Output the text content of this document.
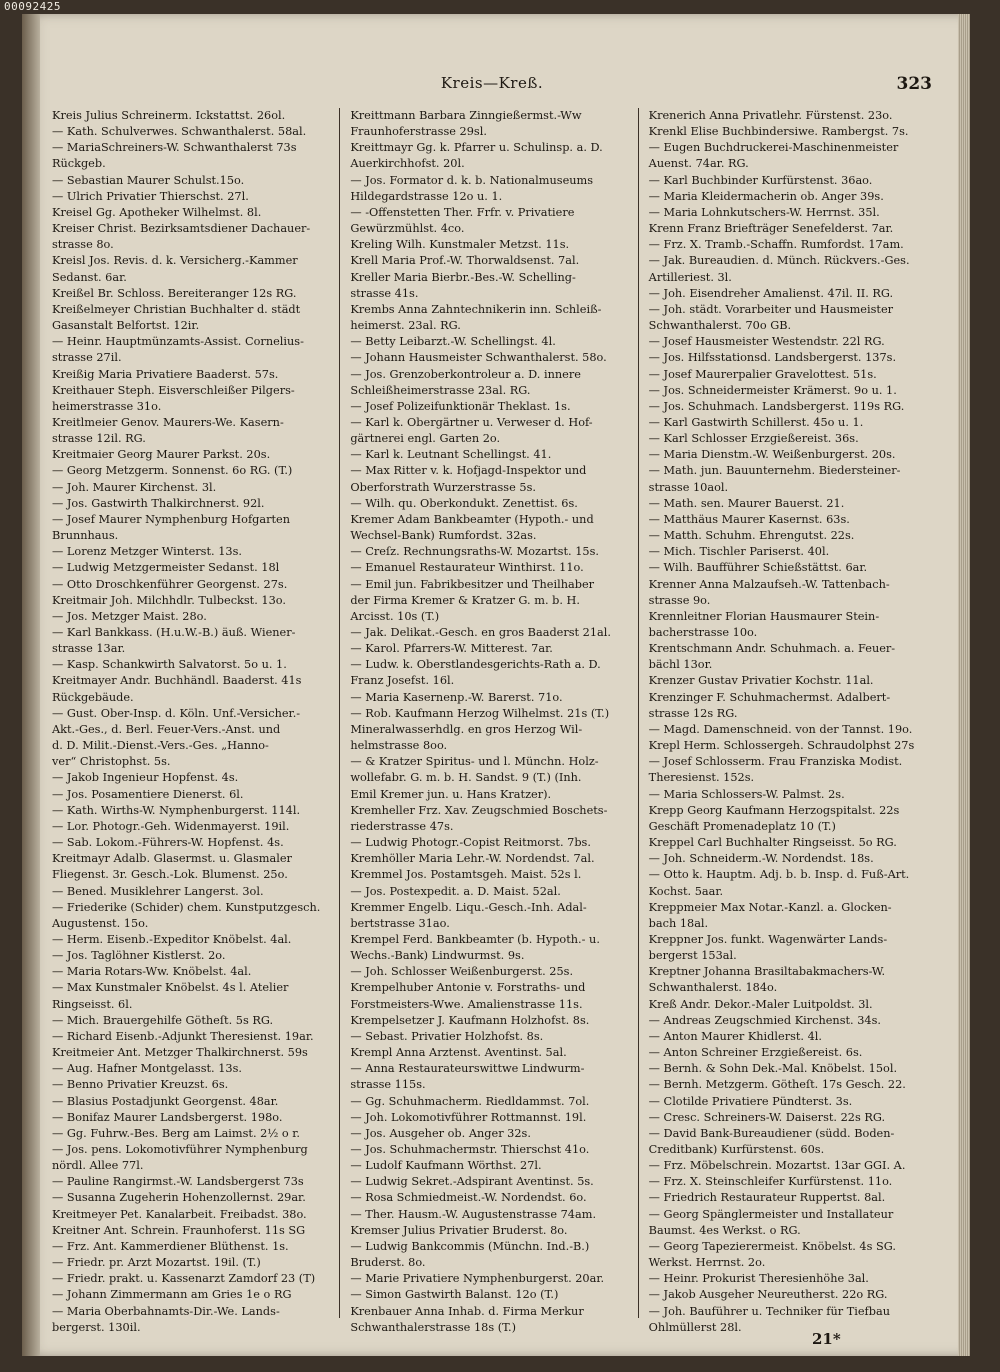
00092425
Kreis—Kreß.	323
Kreis Julius Schreinerm. Ickstattst. 26ol.
— Kath. Schulverwes. Schwanthalerst. 58al.
— MariaSchreiners-W. Schwanthalerst 73s
Rückgeb.
— Sebastian Maurer Schulst.15o.
— Ulrich Privatier Thierschst. 27l.
Kreisel Gg. Apotheker Wilhelmst. 8l.
Kreiser Christ. Bezirksamtsdiener Dachauer-
strasse 8o.
Kreisl Jos. Revis. d. k. Versicherg.-Kammer
Sedanst. 6ar.
Kreißel Br. Schloss. Bereiteranger 12s RG.
Kreißelmeyer Christian Buchhalter d. städt
Gasanstalt Belfortst. 12ir.
— Heinr. Hauptmünzamts-Assist. Cornelius-
strasse 27il.
Kreißig Maria Privatiere Baaderst. 57s.
Kreithauer Steph. Eisverschleißer Pilgers-
heimerstrasse 31o.
Kreitlmeier Genov. Maurers-We. Kasern-
strasse 12il. RG.
Kreitmaier Georg Maurer Parkst. 20s.
— Georg Metzgerm. Sonnenst. 6o RG. (T.)
— Joh. Maurer Kirchenst. 3l.
— Jos. Gastwirth Thalkirchnerst. 92l.
— Josef Maurer Nymphenburg Hofgarten
Brunnhaus.
— Lorenz Metzger Winterst. 13s.
— Ludwig Metzgermeister Sedanst. 18l
— Otto Droschkenführer Georgenst. 27s.
Kreitmair Joh. Milchhdlr. Tulbeckst. 13o.
— Jos. Metzger Maist. 28o.
— Karl Bankkass. (H.u.W.-B.) äuß. Wiener-
strasse 13ar.
— Kasp. Schankwirth Salvatorst. 5o u. 1.
Kreitmayer Andr. Buchhändl. Baaderst. 41s
Rückgebäude.
— Gust. Ober-Insp. d. Köln. Unf.-Versicher.-
Akt.-Ges., d. Berl. Feuer-Vers.-Anst. und
d. D. Milit.-Dienst.-Vers.-Ges. „Hanno-
ver“ Christophst. 5s.
— Jakob Ingenieur Hopfenst. 4s.
— Jos. Posamentiere Dienerst. 6l.
— Kath. Wirths-W. Nymphenburgerst. 114l.
— Lor. Photogr.-Geh. Widenmayerst. 19il.
— Sab. Lokom.-Führers-W. Hopfenst. 4s.
Kreitmayr Adalb. Glasermst. u. Glasmaler
Fliegenst. 3r. Gesch.-Lok. Blumenst. 25o.
— Bened. Musiklehrer Langerst. 3ol.
— Friederike (Schider) chem. Kunstputzgesch.
Augustenst. 15o.
— Herm. Eisenb.-Expeditor Knöbelst. 4al.
— Jos. Taglöhner Kistlerst. 2o.
— Maria Rotars-Ww. Knöbelst. 4al.
— Max Kunstmaler Knöbelst. 4s l. Atelier
Ringseisst. 6l.
— Mich. Brauergehilfe Götheſt. 5s RG.
— Richard Eisenb.-Adjunkt Theresienst. 19ar.
Kreitmeier Ant. Metzger Thalkirchnerst. 59s
— Aug. Hafner Montgelasst. 13s.
— Benno Privatier Kreuzst. 6s.
— Blasius Postadjunkt Georgenst. 48ar.
— Bonifaz Maurer Landsbergerst. 198o.
— Gg. Fuhrw.-Bes. Berg am Laimst. 2½ o r.
— Jos. pens. Lokomotivführer Nymphenburg
nördl. Allee 77l.
— Pauline Rangirmst.-W. Landsbergerst 73s
— Susanna Zugeherin Hohenzollernst. 29ar.
Kreitmeyer Pet. Kanalarbeit. Freibadst. 38o.
Kreitner Ant. Schrein. Fraunhoferst. 11s SG
— Frz. Ant. Kammerdiener Blüthenst. 1s.
— Friedr. pr. Arzt Mozartst. 19il. (T.)
— Friedr. prakt. u. Kassenarzt Zamdorf 23 (T)
— Johann Zimmermann am Gries 1e o RG
— Maria Oberbahnamts-Dir.-We. Lands-
bergerst. 130il.
Kreittmann Barbara Zinngießermst.-Ww
Fraunhoferstrasse 29sl.
Kreittmayr Gg. k. Pfarrer u. Schulinsp. a. D.
Auerkirchhofst. 20l.
— Jos. Formator d. k. b. Nationalmuseums
Hildegardstrasse 12o u. 1.
— -Offenstetten Ther. Frfr. v. Privatiere
Gewürzmühlst. 4co.
Kreling Wilh. Kunstmaler Metzst. 11s.
Krell Maria Prof.-W. Thorwaldsenst. 7al.
Kreller Maria Bierbr.-Bes.-W. Schelling-
strasse 41s.
Krembs Anna Zahntechnikerin inn. Schleiß-
heimerst. 23al. RG.
— Betty Leibarzt.-W. Schellingst. 4l.
— Johann Hausmeister Schwanthalerst. 58o.
— Jos. Grenzoberkontroleur a. D. innere
Schleißheimerstrasse 23al. RG.
— Josef Polizeifunktionär Theklast. 1s.
— Karl k. Obergärtner u. Verweser d. Hof-
gärtnerei engl. Garten 2o.
— Karl k. Leutnant Schellingst. 41.
— Max Ritter v. k. Hofjagd-Inspektor und
Oberforstrath Wurzerstrasse 5s.
— Wilh. qu. Oberkondukt. Zenettist. 6s.
Kremer Adam Bankbeamter (Hypoth.- und
Wechsel-Bank) Rumfordst. 32as.
— Creſz. Rechnungsraths-W. Mozartst. 15s.
— Emanuel Restaurateur Winthirst. 11o.
— Emil jun. Fabrikbesitzer und Theilhaber
der Firma Kremer & Kratzer G. m. b. H.
Arcisst. 10s (T.)
— Jak. Delikat.-Gesch. en gros Baaderst 21al.
— Karol. Pfarrers-W. Mitterest. 7ar.
— Ludw. k. Oberstlandesgerichts-Rath a. D.
Franz Josefst. 16l.
— Maria Kasernenp.-W. Barerst. 71o.
— Rob. Kaufmann Herzog Wilhelmst. 21s (T.)
Mineralwasserhdlg. en gros Herzog Wil-
helmstrasse 8oo.
— & Kratzer Spiritus- und l. Münchn. Holz-
wollefabr. G. m. b. H. Sandst. 9 (T.) (Inh.
Emil Kremer jun. u. Hans Kratzer).
Kremheller Frz. Xav. Zeugschmied Boschets-
riederstrasse 47s.
— Ludwig Photogr.-Copist Reitmorst. 7bs.
Kremhöller Maria Lehr.-W. Nordendst. 7al.
Kremmel Jos. Postamtsgeh. Maist. 52s l.
— Jos. Postexpedit. a. D. Maist. 52al.
Kremmer Engelb. Liqu.-Gesch.-Inh. Adal-
bertstrasse 31ao.
Krempel Ferd. Bankbeamter (b. Hypoth.- u.
Wechs.-Bank) Lindwurmst. 9s.
— Joh. Schlosser Weißenburgerst. 25s.
Krempelhuber Antonie v. Forstraths- und
Forstmeisters-Wwe. Amalienstrasse 11s.
Krempelsetzer J. Kaufmann Holzhofst. 8s.
— Sebast. Privatier Holzhofst. 8s.
Krempl Anna Arztenst. Aventinst. 5al.
— Anna Restaurateurswittwe Lindwurm-
strasse 115s.
— Gg. Schuhmacherm. Riedldammst. 7ol.
— Joh. Lokomotivführer Rottmannst. 19l.
— Jos. Ausgeher ob. Anger 32s.
— Jos. Schuhmachermstr. Thierschst 41o.
— Ludolf Kaufmann Wörthst. 27l.
— Ludwig Sekret.-Adspirant Aventinst. 5s.
— Rosa Schmiedmeist.-W. Nordendst. 6o.
— Ther. Hausm.-W. Augustenstrasse 74am.
Kremser Julius Privatier Bruderst. 8o.
— Ludwig Bankcommis (Münchn. Ind.-B.)
Bruderst. 8o.
— Marie Privatiere Nymphenburgerst. 20ar.
— Simon Gastwirth Balanst. 12o (T.)
Krenbauer Anna Inhab. d. Firma Merkur
Schwanthalerstrasse 18s (T.)
Krenerich Anna Privatlehr. Fürstenst. 23o.
Krenkl Elise Buchbindersiwe. Rambergst. 7s.
— Eugen Buchdruckerei-Maschinenmeister
Auenst. 74ar. RG.
— Karl Buchbinder Kurfürstenst. 36ao.
— Maria Kleidermacherin ob. Anger 39s.
— Maria Lohnkutschers-W. Herrnst. 35l.
Krenn Franz Briefträger Senefelderst. 7ar.
— Frz. X. Tramb.-Schaffn. Rumfordst. 17am.
— Jak. Bureaudien. d. Münch. Rückvers.-Ges.
Artilleriest. 3l.
— Joh. Eisendreher Amalienst. 47il. II. RG.
— Joh. städt. Vorarbeiter und Hausmeister
Schwanthalerst. 70o GB.
— Josef Hausmeister Westendstr. 22l RG.
— Jos. Hilfsstationsd. Landsbergerst. 137s.
— Josef Maurerpalier Gravelottest. 51s.
— Jos. Schneidermeister Krämerst. 9o u. 1.
— Jos. Schuhmach. Landsbergerst. 119s RG.
— Karl Gastwirth Schillerst. 45o u. 1.
— Karl Schlosser Erzgießereist. 36s.
— Maria Dienstm.-W. Weißenburgerst. 20s.
— Math. jun. Bauunternehm. Biedersteiner-
strasse 10aol.
— Math. sen. Maurer Bauerst. 21.
— Matthäus Maurer Kasernst. 63s.
— Matth. Schuhm. Ehrengutst. 22s.
— Mich. Tischler Pariserst. 40l.
— Wilh. Baufführer Schießstättst. 6ar.
Krenner Anna Malzaufseh.-W. Tattenbach-
strasse 9o.
Krennleitner Florian Hausmaurer Stein-
bacherstrasse 10o.
Krentschmann Andr. Schuhmach. a. Feuer-
bächl 13or.
Krenzer Gustav Privatier Kochstr. 11al.
Krenzinger F. Schuhmachermst. Adalbert-
strasse 12s RG.
— Magd. Damenschneid. von der Tannst. 19o.
Krepl Herm. Schlossergeh. Schraudolphst 27s
— Josef Schlosserm. Frau Franziska Modist.
Theresienst. 152s.
— Maria Schlossers-W. Palmst. 2s.
Krepp Georg Kaufmann Herzogspitalst. 22s
Geschäft Promenadeplatz 10 (T.)
Kreppel Carl Buchhalter Ringseisst. 5o RG.
— Joh. Schneiderm.-W. Nordendst. 18s.
— Otto k. Hauptm. Adj. b. b. Insp. d. Fuß-Art.
Kochst. 5aar.
Kreppmeier Max Notar.-Kanzl. a. Glocken-
bach 18al.
Kreppner Jos. funkt. Wagenwärter Lands-
bergerst 153al.
Kreptner Johanna Brasiltabakmachers-W.
Schwanthalerst. 184o.
Kreß Andr. Dekor.-Maler Luitpoldst. 3l.
— Andreas Zeugschmied Kirchenst. 34s.
— Anton Maurer Khidlerst. 4l.
— Anton Schreiner Erzgießereist. 6s.
— Bernh. & Sohn Dek.-Mal. Knöbelst. 15ol.
— Bernh. Metzgerm. Götheſt. 17s Gesch. 22.
— Clotilde Privatiere Pündterst. 3s.
— Cresc. Schreiners-W. Daiserst. 22s RG.
— David Bank-Bureaudiener (südd. Boden-
Creditbank) Kurfürstenst. 60s.
— Frz. Möbelschrein. Mozartst. 13ar GGI. A.
— Frz. X. Steinschleifer Kurfürstenst. 11o.
— Friedrich Restaurateur Ruppertst. 8al.
— Georg Spänglermeister und Installateur
Baumst. 4es Werkst. o RG.
— Georg Tapezierermeist. Knöbelst. 4s SG.
Werkst. Herrnst. 2o.
— Heinr. Prokurist Theresienhöhe 3al.
— Jakob Ausgeher Neureutherst. 22o RG.
— Joh. Bauführer u. Techniker für Tiefbau
Ohlmüllerst 28l.
21*
